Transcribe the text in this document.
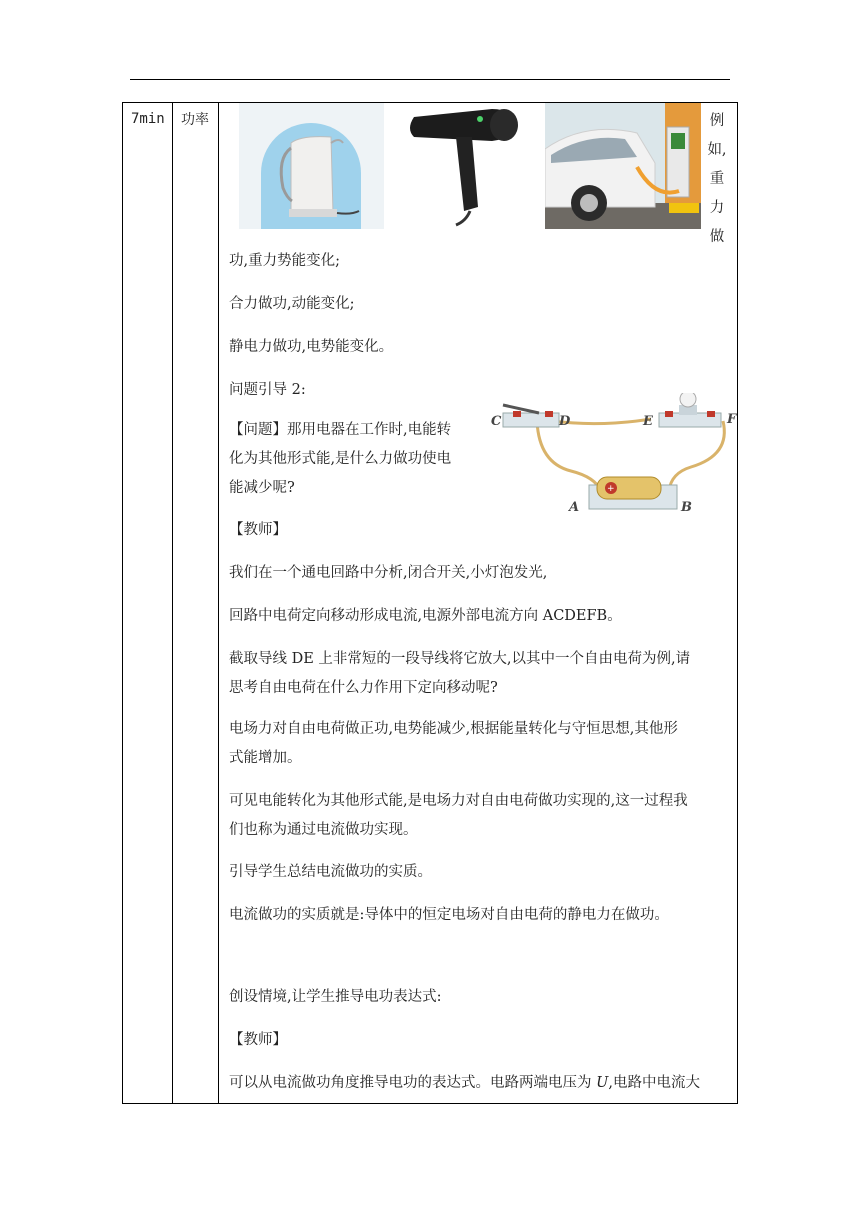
7min 功率	例
如,
重
力
做
功,重力势能变化;
合力做功,动能变化;
静电力做功,电势能变化。
问题引导 2:
【问题】那用电器在工作时,电能转
化为其他形式能,是什么力做功使电
能减少呢?
【教师】
我们在一个通电回路中分析,闭合开关,小灯泡发光,
回路中电荷定向移动形成电流,电源外部电流方向 ACDEFB。
截取导线 DE 上非常短的一段导线将它放大,以其中一个自由电荷为例,请
思考自由电荷在什么力作用下定向移动呢?
电场力对自由电荷做正功,电势能减少,根据能量转化与守恒思想,其他形
式能增加。
可见电能转化为其他形式能,是电场力对自由电荷做功实现的,这一过程我
们也称为通过电流做功实现。
引导学生总结电流做功的实质。
电流做功的实质就是:导体中的恒定电场对自由电荷的静电力在做功。
创设情境,让学生推导电功表达式:
【教师】
可以从电流做功角度推导电功的表达式。电路两端电压为 U,电路中电流大
+
C	D	E	F
A	B
